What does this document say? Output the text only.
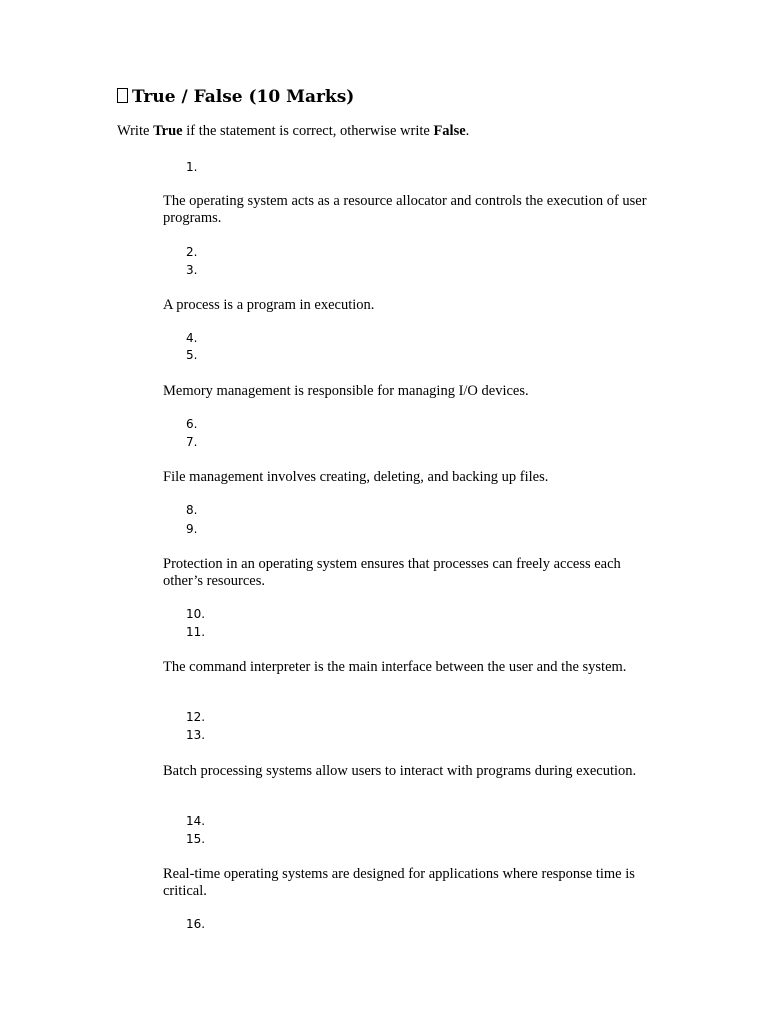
True / False (10 Marks)

Write True if the statement is correct, otherwise write False.

1.

The operating system acts as a resource allocator and controls the execution of user programs.

2.
3.

A process is a program in execution.

4.
5.

Memory management is responsible for managing I/O devices.

6.
7.

File management involves creating, deleting, and backing up files.

8.
9.

Protection in an operating system ensures that processes can freely access each other’s resources.

10.
11.

The command interpreter is the main interface between the user and the system.

12.
13.

Batch processing systems allow users to interact with programs during execution.

14.
15.

Real-time operating systems are designed for applications where response time is critical.

16.
